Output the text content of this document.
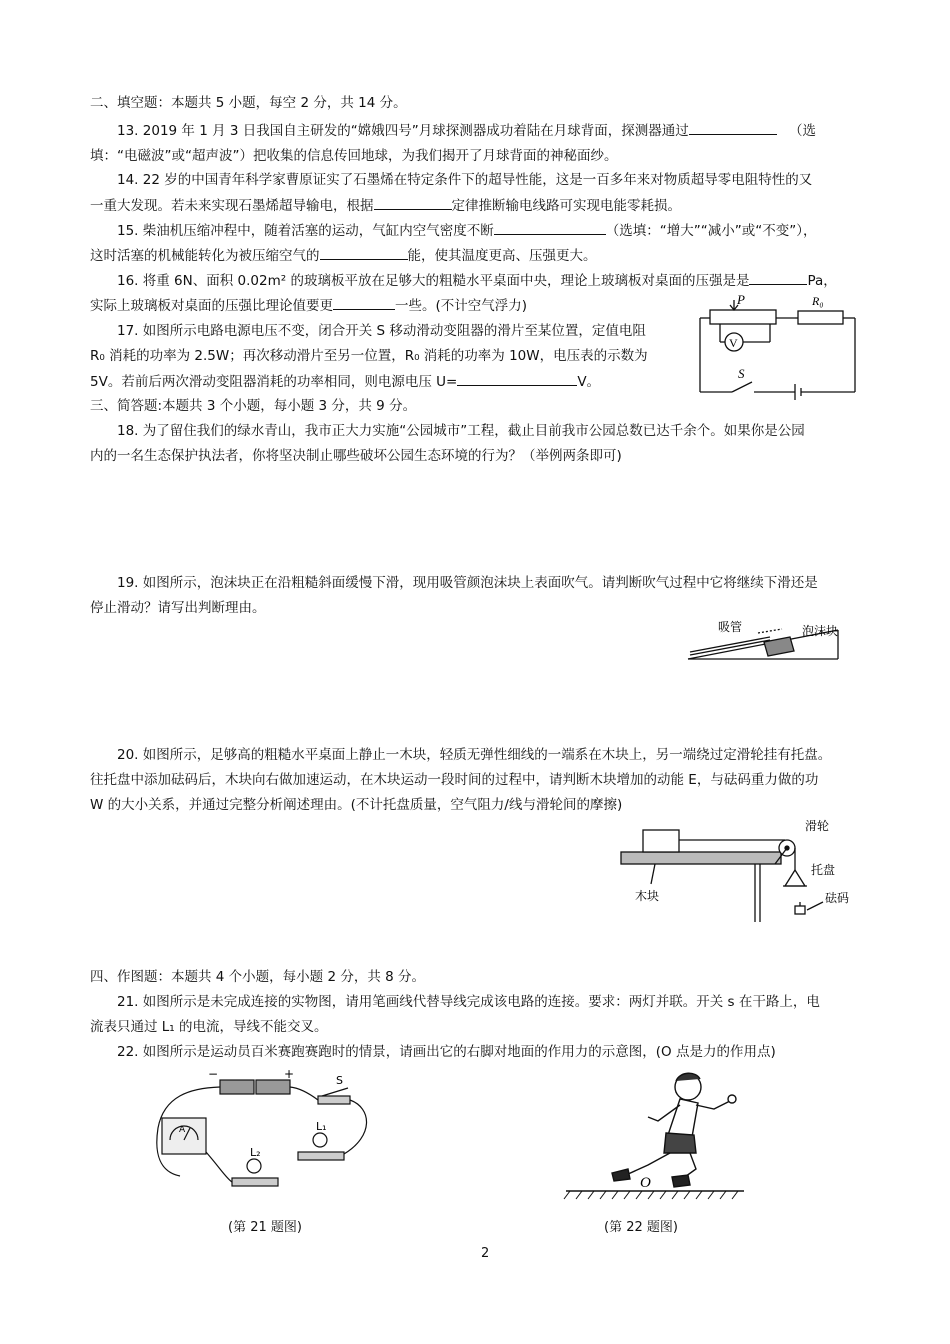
二、填空题：本题共 5 小题，每空 2 分，共 14 分。
13. 2019 年 1 月 3 日我国自主研发的“嫦娥四号”月球探测器成功着陆在月球背面，探测器通过	（选
填：“电磁波”或“超声波”）把收集的信息传回地球，为我们揭开了月球背面的神秘面纱。
14. 22 岁的中国青年科学家曹原证实了石墨烯在特定条件下的超导性能，这是一百多年来对物质超导零电阻特性的又
一重大发现。若未来实现石墨烯超导输电，根据	定律推断输电线路可实现电能零耗损。
15. 柴油机压缩冲程中，随着活塞的运动，气缸内空气密度不断	（选填：“增大”“减小”或“不变”），
这时活塞的机械能转化为被压缩空气的	能，使其温度更高、压强更大。
16. 将重 6N、面积 0.02m² 的玻璃板平放在足够大的粗糙水平桌面中央，理论上玻璃板对桌面的压强是是	Pa，
实际上玻璃板对桌面的压强比理论值要更	一些。(不计空气浮力)
17. 如图所示电路电源电压不变，闭合开关 S 移动滑动变阻器的滑片至某位置，定值电阻
R₀ 消耗的功率为 2.5W；再次移动滑片至另一位置，R₀ 消耗的功率为 10W，电压表的示数为
5V。若前后两次滑动变阻器消耗的功率相同，则电源电压 U=	V。
P	R₀
V
S
三、简答题:本题共 3 个小题，每小题 3 分，共 9 分。
18. 为了留住我们的绿水青山，我市正大力实施“公园城市”工程，截止目前我市公园总数已达千余个。如果你是公园
内的一名生态保护执法者，你将坚决制止哪些破坏公园生态环境的行为？（举例两条即可)
19. 如图所示，泡沫块正在沿粗糙斜面缓慢下滑，现用吸管颜泡沫块上表面吹气。请判断吹气过程中它将继续下滑还是
停止滑动？请写出判断理由。
吸管	泡沫块
20. 如图所示，足够高的粗糙水平桌面上静止一木块，轻质无弹性细线的一端系在木块上，另一端绕过定滑轮挂有托盘。
往托盘中添加砝码后，木块向右做加速运动，在木块运动一段时间的过程中，请判断木块增加的动能 E，与砝码重力做的功
W 的大小关系，并通过完整分析阐述理由。(不计托盘质量，空气阻力/线与滑轮间的摩擦)
滑轮
托盘
木块	砝码
四、作图题：本题共 4 个小题，每小题 2 分，共 8 分。
21. 如图所示是未完成连接的实物图，请用笔画线代替导线完成该电路的连接。要求：两灯并联。开关 s 在干路上，电
流表只通过 L₁ 的电流，导线不能交叉。
22. 如图所示是运动员百米赛跑赛跑时的情景，请画出它的右脚对地面的作用力的示意图，(O 点是力的作用点)
−	+	S
L₁
L₂
A
O
(第 21 题图)	(第 22 题图)
2
